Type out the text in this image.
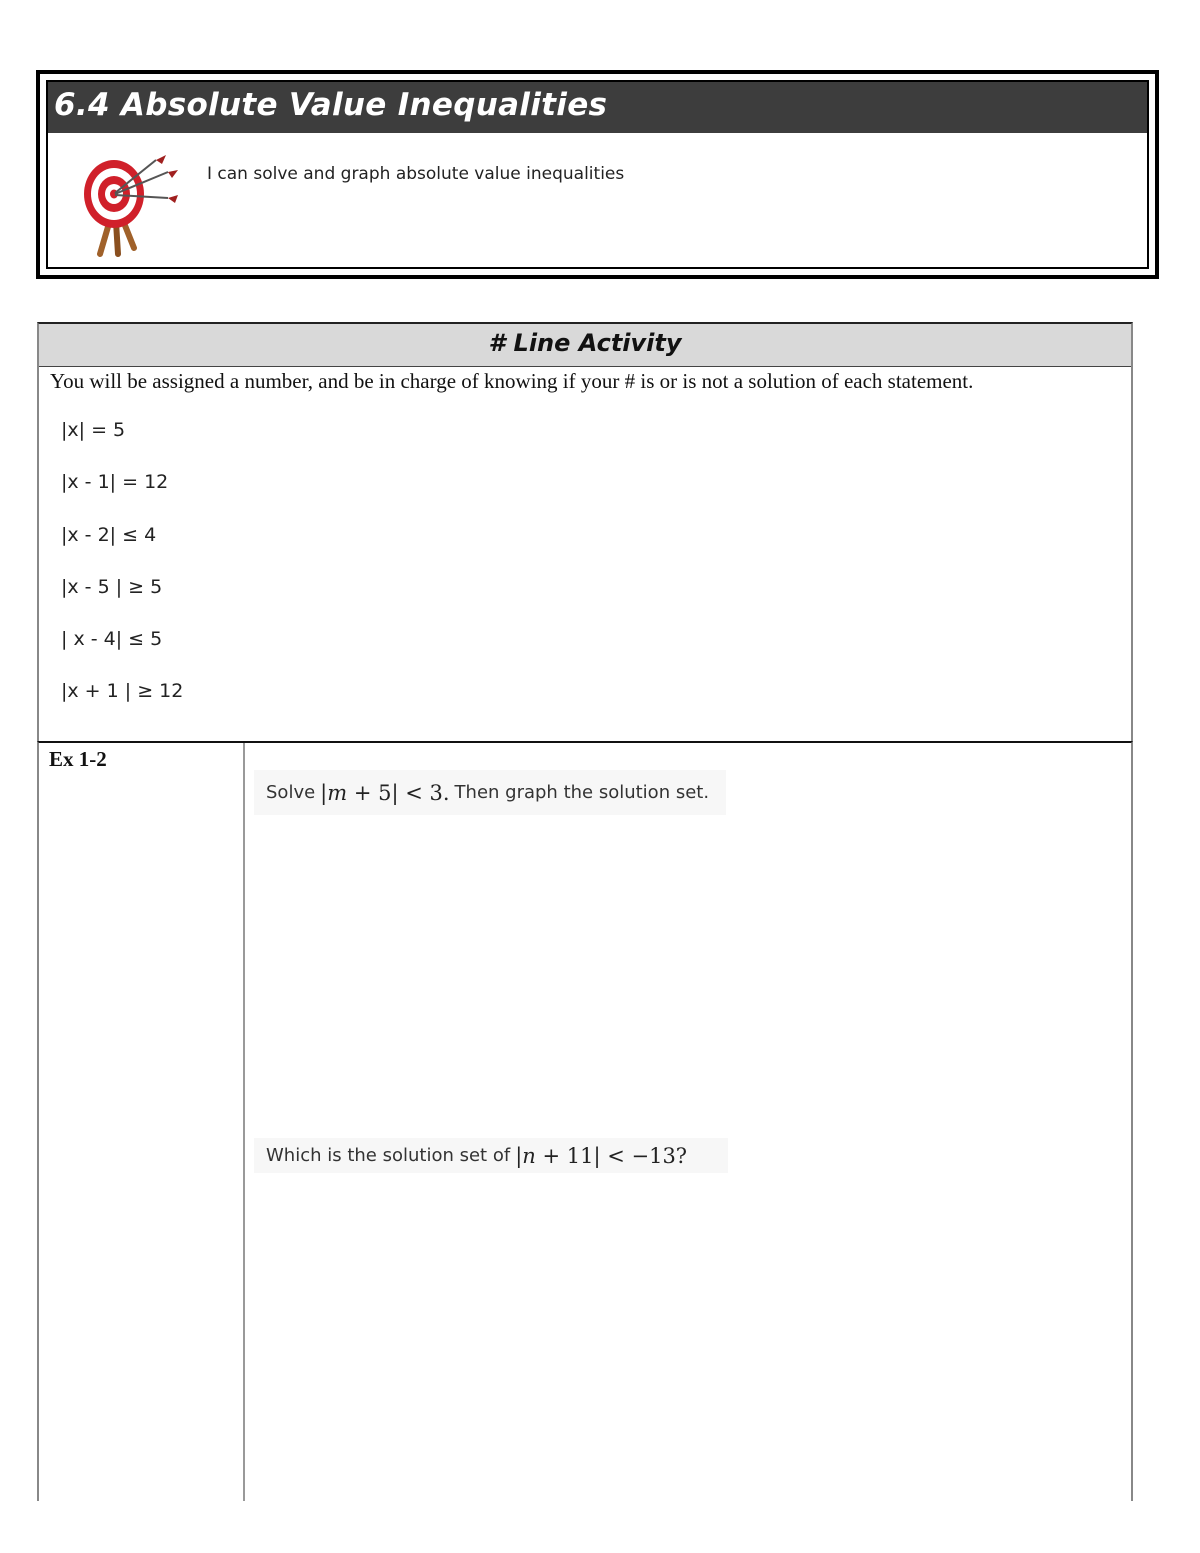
6.4 Absolute Value Inequalities
I can solve and graph absolute value inequalities
# Line Activity
You will be assigned a number, and be in charge of knowing if your # is or is not a solution of each statement.
|x| = 5
|x - 1| = 12
|x - 2| ≤ 4
|x - 5 | ≥ 5
| x - 4| ≤ 5
|x + 1 | ≥ 12
Ex 1-2
Solve |m + 5| < 3. Then graph the solution set.
Which is the solution set of |n + 11| < −13?
